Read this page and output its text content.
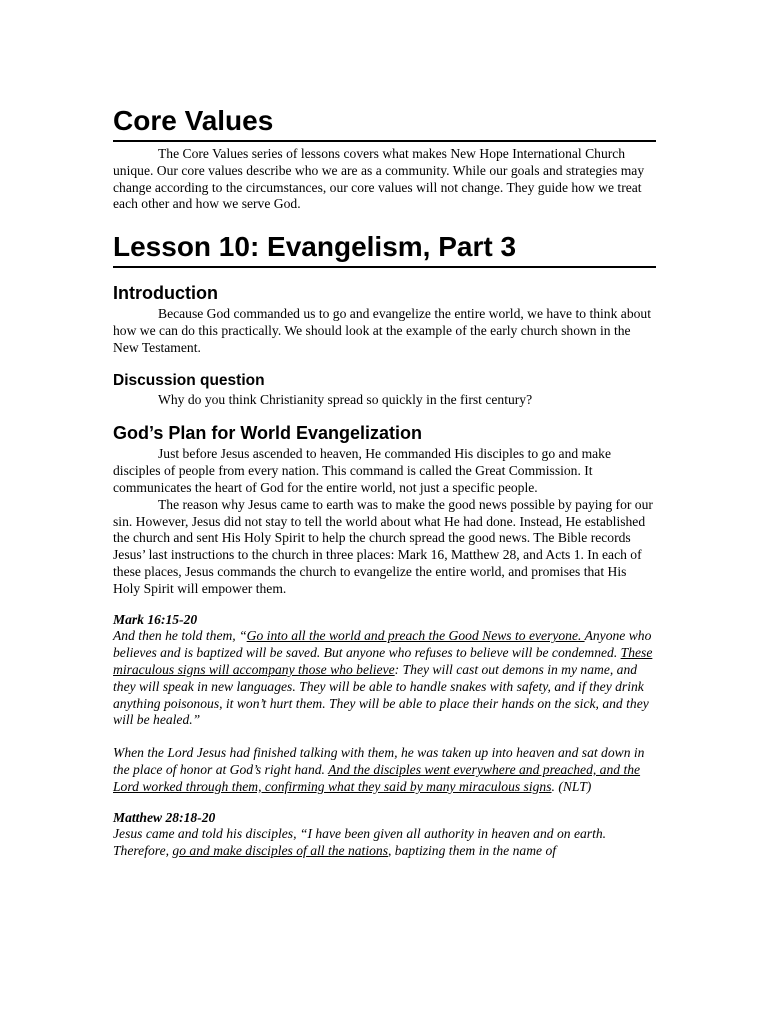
Core Values

The Core Values series of lessons covers what makes New Hope International Church unique. Our core values describe who we are as a community. While our goals and strategies may change according to the circumstances, our core values will not change. They guide how we treat each other and how we serve God.

Lesson 10: Evangelism, Part 3
Introduction

Because God commanded us to go and evangelize the entire world, we have to think about how we can do this practically. We should look at the example of the early church shown in the New Testament.

Discussion question

Why do you think Christianity spread so quickly in the first century?

God’s Plan for World Evangelization

Just before Jesus ascended to heaven, He commanded His disciples to go and make disciples of people from every nation. This command is called the Great Commission. It communicates the heart of God for the entire world, not just a specific people.

The reason why Jesus came to earth was to make the good news possible by paying for our sin. However, Jesus did not stay to tell the world about what He had done. Instead, He established the church and sent His Holy Spirit to help the church spread the good news. The Bible records Jesus’ last instructions to the church in three places: Mark 16, Matthew 28, and Acts 1. In each of these places, Jesus commands the church to evangelize the entire world, and promises that His Holy Spirit will empower them.

Mark 16:15-20

And then he told them, “Go into all the world and preach the Good News to everyone. Anyone who believes and is baptized will be saved. But anyone who refuses to believe will be condemned. These miraculous signs will accompany those who believe: They will cast out demons in my name, and they will speak in new languages. They will be able to handle snakes with safety, and if they drink anything poisonous, it won’t hurt them. They will be able to place their hands on the sick, and they will be healed.”

When the Lord Jesus had finished talking with them, he was taken up into heaven and sat down in the place of honor at God’s right hand. And the disciples went everywhere and preached, and the Lord worked through them, confirming what they said by many miraculous signs. (NLT)

Matthew 28:18-20

Jesus came and told his disciples, “I have been given all authority in heaven and on earth. Therefore, go and make disciples of all the nations, baptizing them in the name of
